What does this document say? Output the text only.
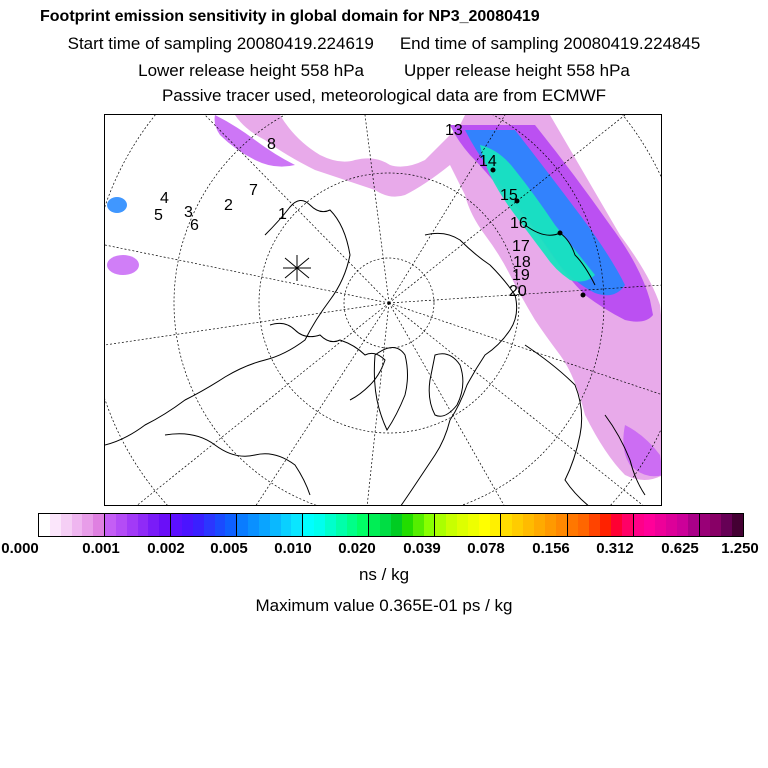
Footprint emission sensitivity in global domain for NP3_20080419
Start time of sampling 20080419.224619 End time of sampling 20080419.224845
Lower release height 558 hPa Upper release height 558 hPa
Passive tracer used, meteorological data are from ECMWF
1
2
3
4
5
6
7
8
13
14
15
16
17
18
19
20
0.000	0.001 0.002 0.005 0.010 0.020 0.039 0.078 0.156 0.312 0.625 1.250
ns / kg
Maximum value 0.365E-01 ps / kg
